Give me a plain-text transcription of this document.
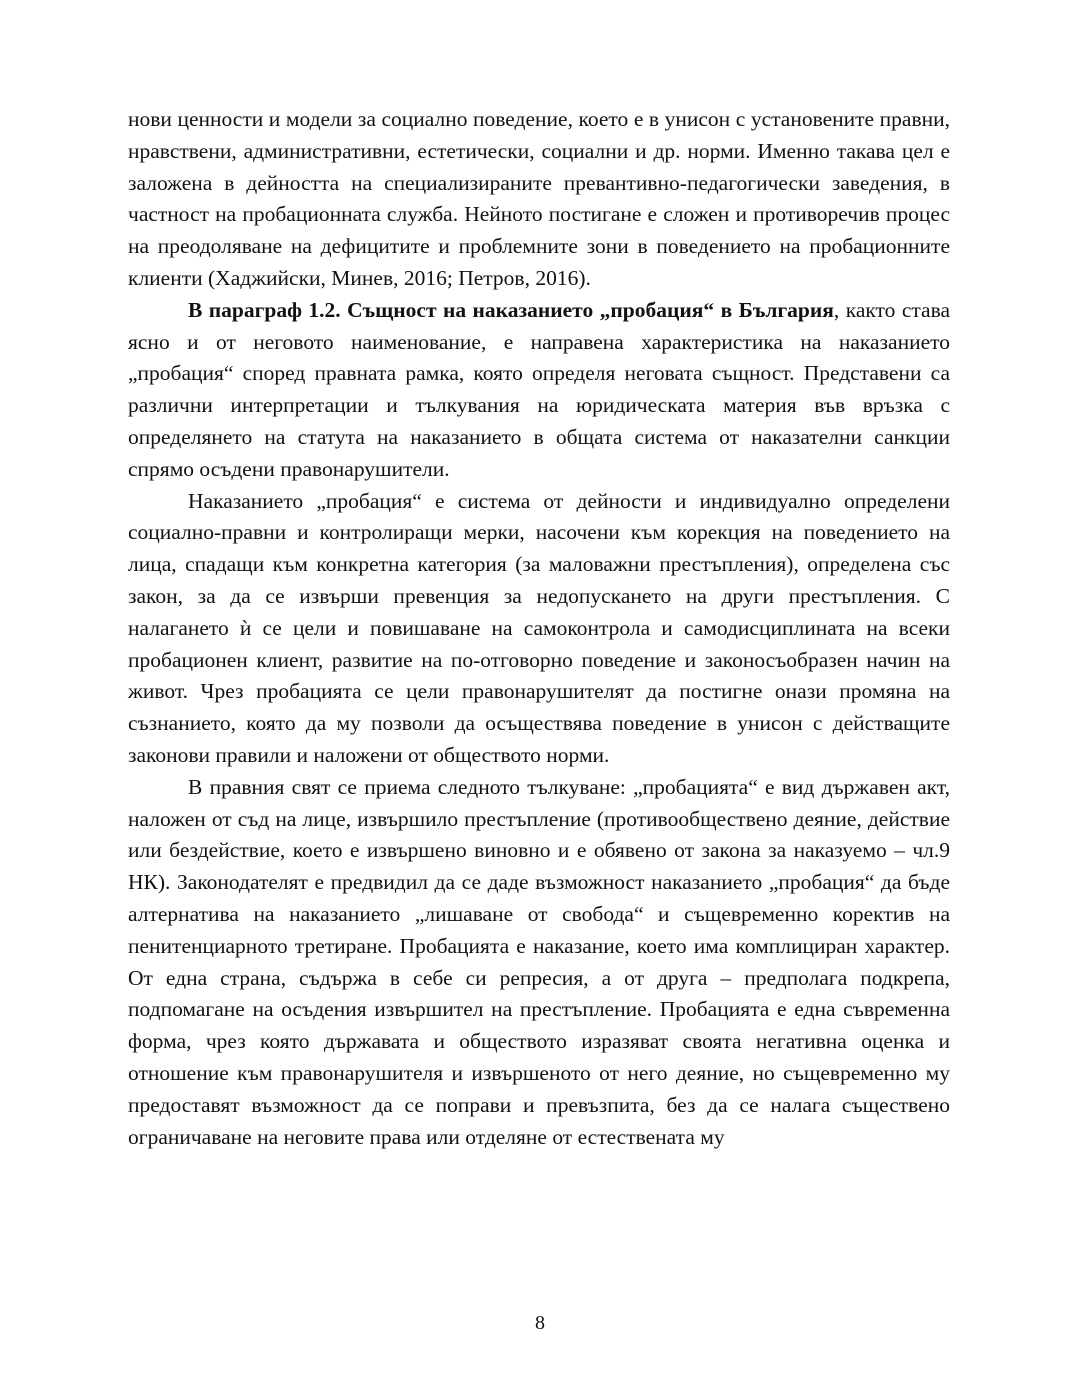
нови ценности и модели за социално поведение, което е в унисон с установените правни, нравствени, административни, естетически, социални и др. норми. Именно такава цел е заложена в дейността на специализираните превантивно-педагогически заведения, в частност на пробационната служба. Нейното постигане е сложен и противоречив процес на преодоляване на дефицитите и проблемните зони в поведението на пробационните клиенти (Хаджийски, Минев, 2016; Петров, 2016).

В параграф 1.2. Същност на наказанието „пробация“ в България, както става ясно и от неговото наименование, е направена характеристика на наказанието „пробация“ според правната рамка, която определя неговата същност. Представени са различни интерпретации и тълкувания на юридическата материя във връзка с определянето на статута на наказанието в общата система от наказателни санкции спрямо осъдени правонарушители.

Наказанието „пробация“ е система от дейности и индивидуално определени социално-правни и контролиращи мерки, насочени към корекция на поведението на лица, спадащи към конкретна категория (за маловажни престъпления), определена със закон, за да се извърши превенция за недопускането на други престъпления. С налагането ѝ се цели и повишаване на самоконтрола и самодисциплината на всеки пробационен клиент, развитие на по-отговорно поведение и законосъобразен начин на живот. Чрез пробацията се цели правонарушителят да постигне онази промяна на съзнанието, която да му позволи да осъществява поведение в унисон с действащите законови правили и наложени от обществото норми.

В правния свят се приема следното тълкуване: „пробацията“ е вид държавен акт, наложен от съд на лице, извършило престъпление (противообществено деяние, действие или бездействие, което е извършено виновно и е обявено от закона за наказуемо – чл.9 НК). Законодателят е предвидил да се даде възможност наказанието „пробация“ да бъде алтернатива на наказанието „лишаване от свобода“ и същевременно коректив на пенитенциарното третиране. Пробацията е наказание, което има комплициран характер. От една страна, съдържа в себе си репресия, а от друга – предполага подкрепа, подпомагане на осъдения извършител на престъпление. Пробацията е една съвременна форма, чрез която държавата и обществото изразяват своята негативна оценка и отношение към правонарушителя и извършеното от него деяние, но същевременно му предоставят възможност да се поправи и превъзпита, без да се налага съществено ограничаване на неговите права или отделяне от естествената му

8
